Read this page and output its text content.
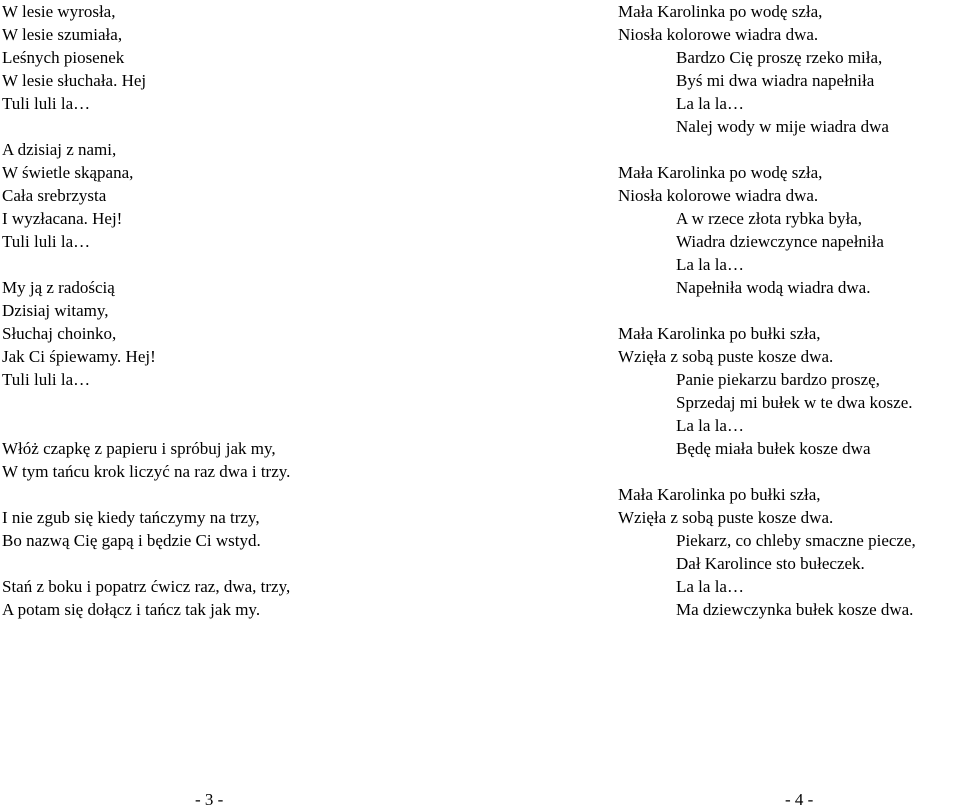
W lesie wyrosła,
W lesie szumiała,
Leśnych piosenek
W lesie słuchała. Hej
Tuli luli la…
A dzisiaj z nami,
W świetle skąpana,
Cała srebrzysta
I wyzłacana. Hej!
Tuli luli la…
My ją z radością
Dzisiaj witamy,
Słuchaj choinko,
Jak Ci śpiewamy. Hej!
Tuli luli la…
Włóż czapkę z papieru i spróbuj jak my,
W tym tańcu krok liczyć na raz dwa i trzy.
I nie zgub się kiedy tańczymy na trzy,
Bo nazwą Cię gapą i będzie Ci wstyd.
Stań z boku i popatrz ćwicz raz, dwa, trzy,
A potam się dołącz i tańcz tak jak my.
Mała Karolinka po wodę szła,
Niosła kolorowe wiadra dwa.
Bardzo Cię proszę rzeko miła,
Byś mi dwa wiadra napełniła
La la la…
Nalej wody w mije wiadra dwa
Mała Karolinka po wodę szła,
Niosła kolorowe wiadra dwa.
A w rzece złota rybka była,
Wiadra dziewczynce napełniła
La la la…
Napełniła wodą wiadra dwa.
Mała Karolinka po bułki szła,
Wzięła z sobą puste kosze dwa.
Panie piekarzu bardzo proszę,
Sprzedaj mi bułek w te dwa kosze.
La la la…
Będę miała bułek kosze dwa
Mała Karolinka po bułki szła,
Wzięła z sobą puste kosze dwa.
Piekarz, co chleby smaczne piecze,
Dał Karolince sto bułeczek.
La la la…
Ma dziewczynka bułek kosze dwa.
- 3 -	- 4 -
